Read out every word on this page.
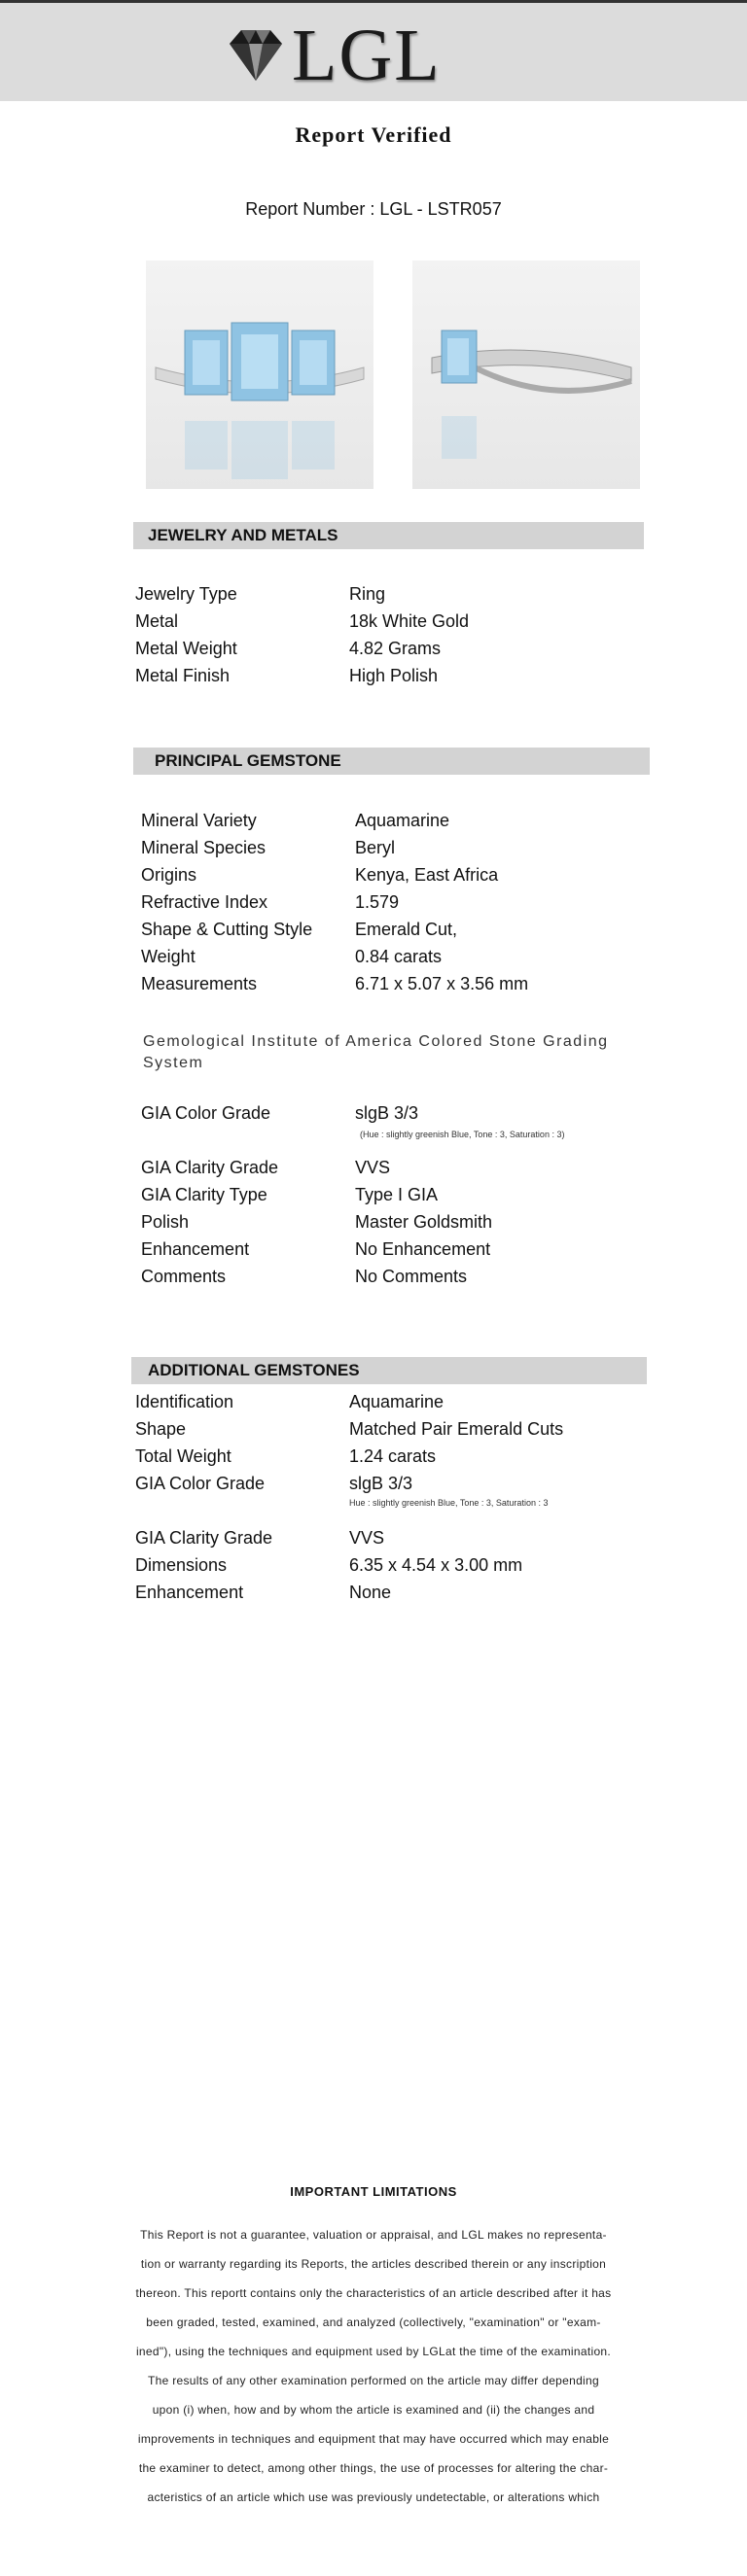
LGL
Report Verified
Report Number : LGL - LSTR057
JEWELRY AND METALS
Jewelry Type	Ring
Metal	18k White Gold
Metal Weight	4.82 Grams
Metal Finish	High Polish
PRINCIPAL GEMSTONE
Mineral Variety	Aquamarine
Mineral Species	Beryl
Origins	Kenya, East Africa
Refractive Index	1.579
Shape & Cutting Style	Emerald Cut,
Weight	0.84 carats
Measurements	6.71 x 5.07 x 3.56 mm
Gemological Institute of America Colored Stone Grading System
GIA Color Grade	slgB 3/3
(Hue : slightly greenish Blue, Tone : 3, Saturation : 3)
GIA Clarity Grade	VVS
GIA Clarity Type	Type I GIA
Polish	Master Goldsmith
Enhancement	No Enhancement
Comments	No Comments
ADDITIONAL GEMSTONES
Identification	Aquamarine
Shape	Matched Pair Emerald Cuts
Total Weight	1.24 carats
GIA Color Grade	slgB 3/3
Hue : slightly greenish Blue, Tone : 3, Saturation : 3
GIA Clarity Grade	VVS
Dimensions	6.35 x 4.54 x 3.00 mm
Enhancement	None
IMPORTANT LIMITATIONS
This Report is not a guarantee, valuation or appraisal, and LGL makes no representa-
tion or warranty regarding its Reports, the articles described therein or any inscription
thereon. This reportt contains only the characteristics of an article described after it has
been graded, tested, examined, and analyzed (collectively, "examination" or "exam-
ined"), using the techniques and equipment used by LGLat the time of the examination.
The results of any other examination performed on the article may differ depending
upon (i) when, how and by whom the article is examined and (ii) the changes and
improvements in techniques and equipment that may have occurred which may enable
the examiner to detect, among other things, the use of processes for altering the char-
acteristics of an article which use was previously undetectable, or alterations which
